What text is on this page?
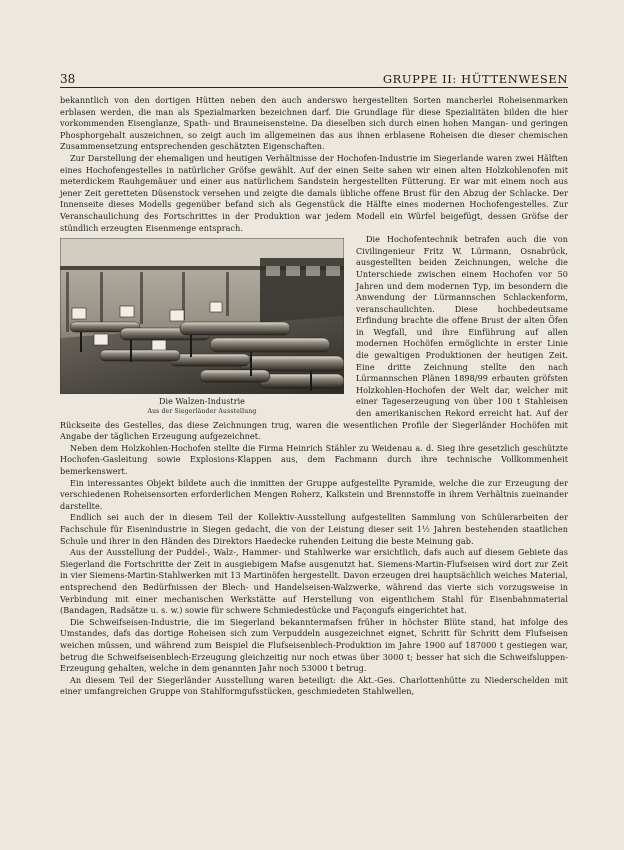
38	GRUPPE II: HÜTTENWESEN

bekanntlich von den dortigen Hütten neben den auch anderswo hergestellten Sorten mancherlei Roheisenmarken erblasen werden, die man als Spezialmarken bezeichnen darf. Die Grundlage für diese Spezialitäten bilden die hier vorkommenden Eisenglanze, Spath- und Brauneisensteine. Da dieselben sich durch einen hohen Mangan- und geringen Phosphorgehalt auszeichnen, so zeigt auch im allgemeinen das aus ihnen erblasene Roheisen die dieser chemischen Zusammensetzung entsprechenden geschätzten Eigenschaften.

Zur Darstellung der ehemaligen und heutigen Verhältnisse der Hochofen-Industrie im Siegerlande waren zwei Hälften eines Hochofengestelles in natürlicher Gröfse gewählt. Auf der einen Seite sahen wir einen alten Holzkohlenofen mit meterdickem Rauhgemäuer und einer aus natürlichem Sandstein hergestellten Fütterung. Er war mit einem noch aus jener Zeit geretteten Düsenstock versehen und zeigte die damals übliche offene Brust für den Abzug der Schlacke. Der Innenseite dieses Modells gegenüber befand sich als Gegenstück die Hälfte eines modernen Hochofengestelles. Zur Veranschaulichung des Fortschrittes in der Produktion war jedem Modell ein Würfel beigefügt, dessen Gröfse der stündlich erzeugten Eisenmenge entsprach.

Die Walzen-Industrie
Aus der Siegerländer Ausstellung

Die Hochofentechnik betrafen auch die von Civilingenieur Fritz W. Lürmann, Osnabrück, ausgestellten beiden Zeichnungen, welche die Unterschiede zwischen einem Hochofen vor 50 Jahren und dem modernen Typ, im besondern die Anwendung der Lürmannschen Schlackenform, veranschaulichten. Diese hochbedeutsame Erfindung brachte die offene Brust der alten Öfen in Wegfall, und ihre Einführung auf allen modernen Hochöfen ermöglichte in erster Linie die gewaltigen Produktionen der heutigen Zeit. Eine dritte Zeichnung stellte den nach Lürmannschen Plänen 1898/99 erbauten gröfsten Holzkohlen-Hochofen der Welt dar, welcher mit einer Tageserzeugung von über 100 t Stahleisen den amerikanischen Rekord erreicht hat. Auf der Rückseite des Gestelles, das diese Zeichnungen trug, waren die wesentlichen Profile der Siegerländer Hochöfen mit Angabe der täglichen Erzeugung aufgezeichnet.

Neben dem Holzkohlen-Hochofen stellte die Firma Heinrich Stähler zu Weidenau a. d. Sieg ihre gesetzlich geschützte Hochofen-Gasleitung sowie Explosions-Klappen aus, dem Fachmann durch ihre technische Vollkommenheit bemerkenswert.

Ein interessantes Objekt bildete auch die inmitten der Gruppe aufgestellte Pyramide, welche die zur Erzeugung der verschiedenen Roheisensorten erforderlichen Mengen Roherz, Kalkstein und Brennstoffe in ihrem Verhältnis zueinander darstellte.

Endlich sei auch der in diesem Teil der Kollektiv-Ausstellung aufgestellten Sammlung von Schülerarbeiten der Fachschule für Eisenindustrie in Siegen gedacht, die von der Leistung dieser seit 1½ Jahren bestehenden staatlichen Schule und ihrer in den Händen des Direktors Haedecke ruhenden Leitung die beste Meinung gab.

Aus der Ausstellung der Puddel-, Walz-, Hammer- und Stahlwerke war ersichtlich, dafs auch auf diesem Gebiete das Siegerland die Fortschritte der Zeit in ausgiebigem Mafse ausgenutzt hat. Siemens-Martin-Flufseisen wird dort zur Zeit in vier Siemens-Martin-Stahlwerken mit 13 Martinöfen hergestellt. Davon erzeugen drei hauptsächlich weiches Material, entsprechend den Bedürfnissen der Blech- und Handelseisen-Walzwerke, während das vierte sich vorzugsweise in Verbindung mit einer mechanischen Werkstätte auf Herstellung von eigentlichem Stahl für Eisenbahnmaterial (Bandagen, Radsätze u. s. w.) sowie für schwere Schmiedestücke und Façongufs eingerichtet hat.

Die Schweifseisen-Industrie, die im Siegerland bekanntermafsen früher in höchster Blüte stand, hat infolge des Umstandes, dafs das dortige Roheisen sich zum Verpuddeln ausgezeichnet eignet, Schritt für Schritt dem Flufseisen weichen müssen, und während zum Beispiel die Flufseisenblech-Produktion im Jahre 1900 auf 187000 t gestiegen war, betrug die Schweifseisenblech-Erzeugung gleichzeitig nur noch etwas über 3000 t; besser hat sich die Schweifsluppen-Erzeugung gehalten, welche in dem genannten Jahr noch 53000 t betrug.

An diesem Teil der Siegerländer Ausstellung waren beteiligt: die Akt.-Ges. Charlottenhütte zu Niederschelden mit einer umfangreichen Gruppe von Stahlformgufsstücken, geschmiedeten Stahlwellen,
